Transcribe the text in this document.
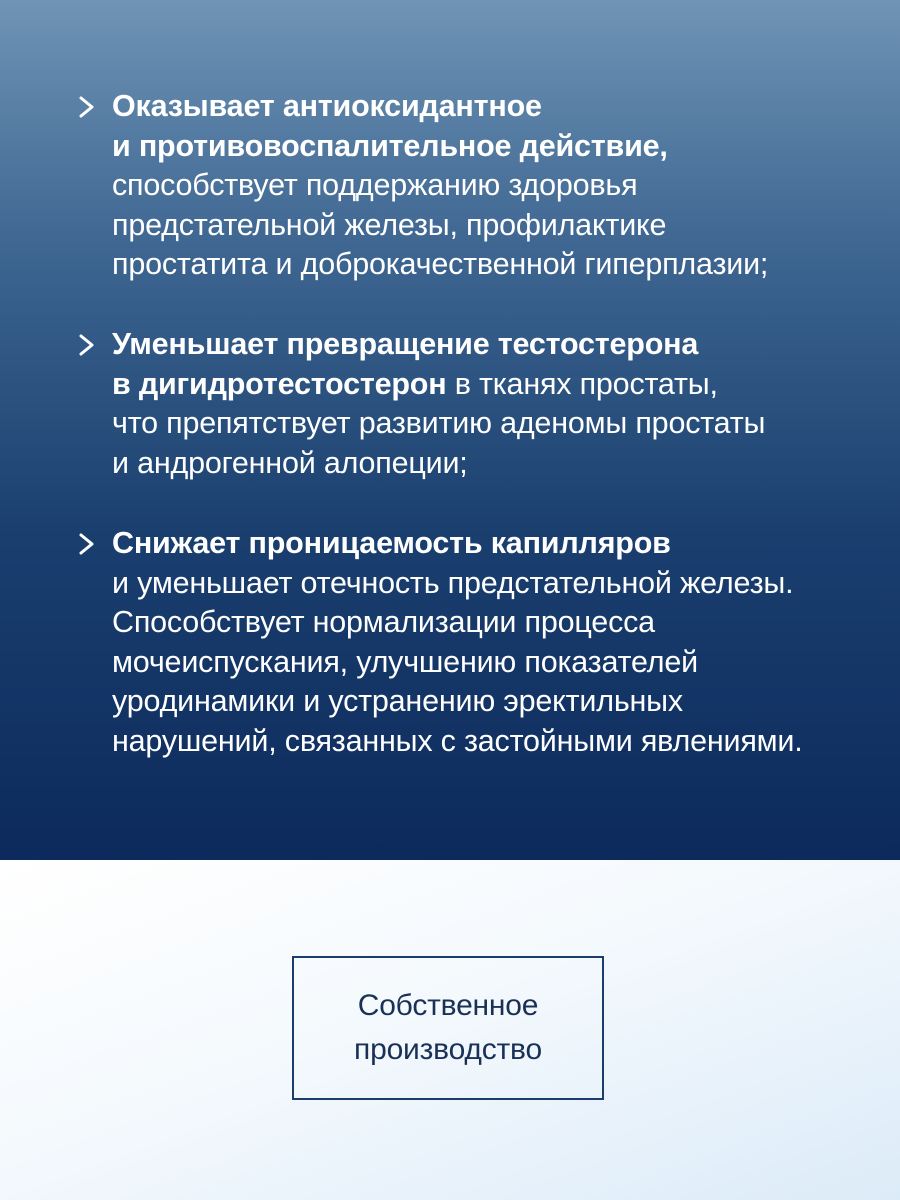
Оказывает антиоксидантное
и противовоспалительное действие,
способствует поддержанию здоровья
предстательной железы, профилактике
простатита и доброкачественной гиперплазии;
Уменьшает превращение тестостерона
в дигидротестостерон в тканях простаты,
что препятствует развитию аденомы простаты
и андрогенной алопеции;
Снижает проницаемость капилляров
и уменьшает отечность предстательной железы.
Способствует нормализации процесса
мочеиспускания, улучшению показателей
уродинамики и устранению эректильных
нарушений, связанных с застойными явлениями.
Собственное
производство
